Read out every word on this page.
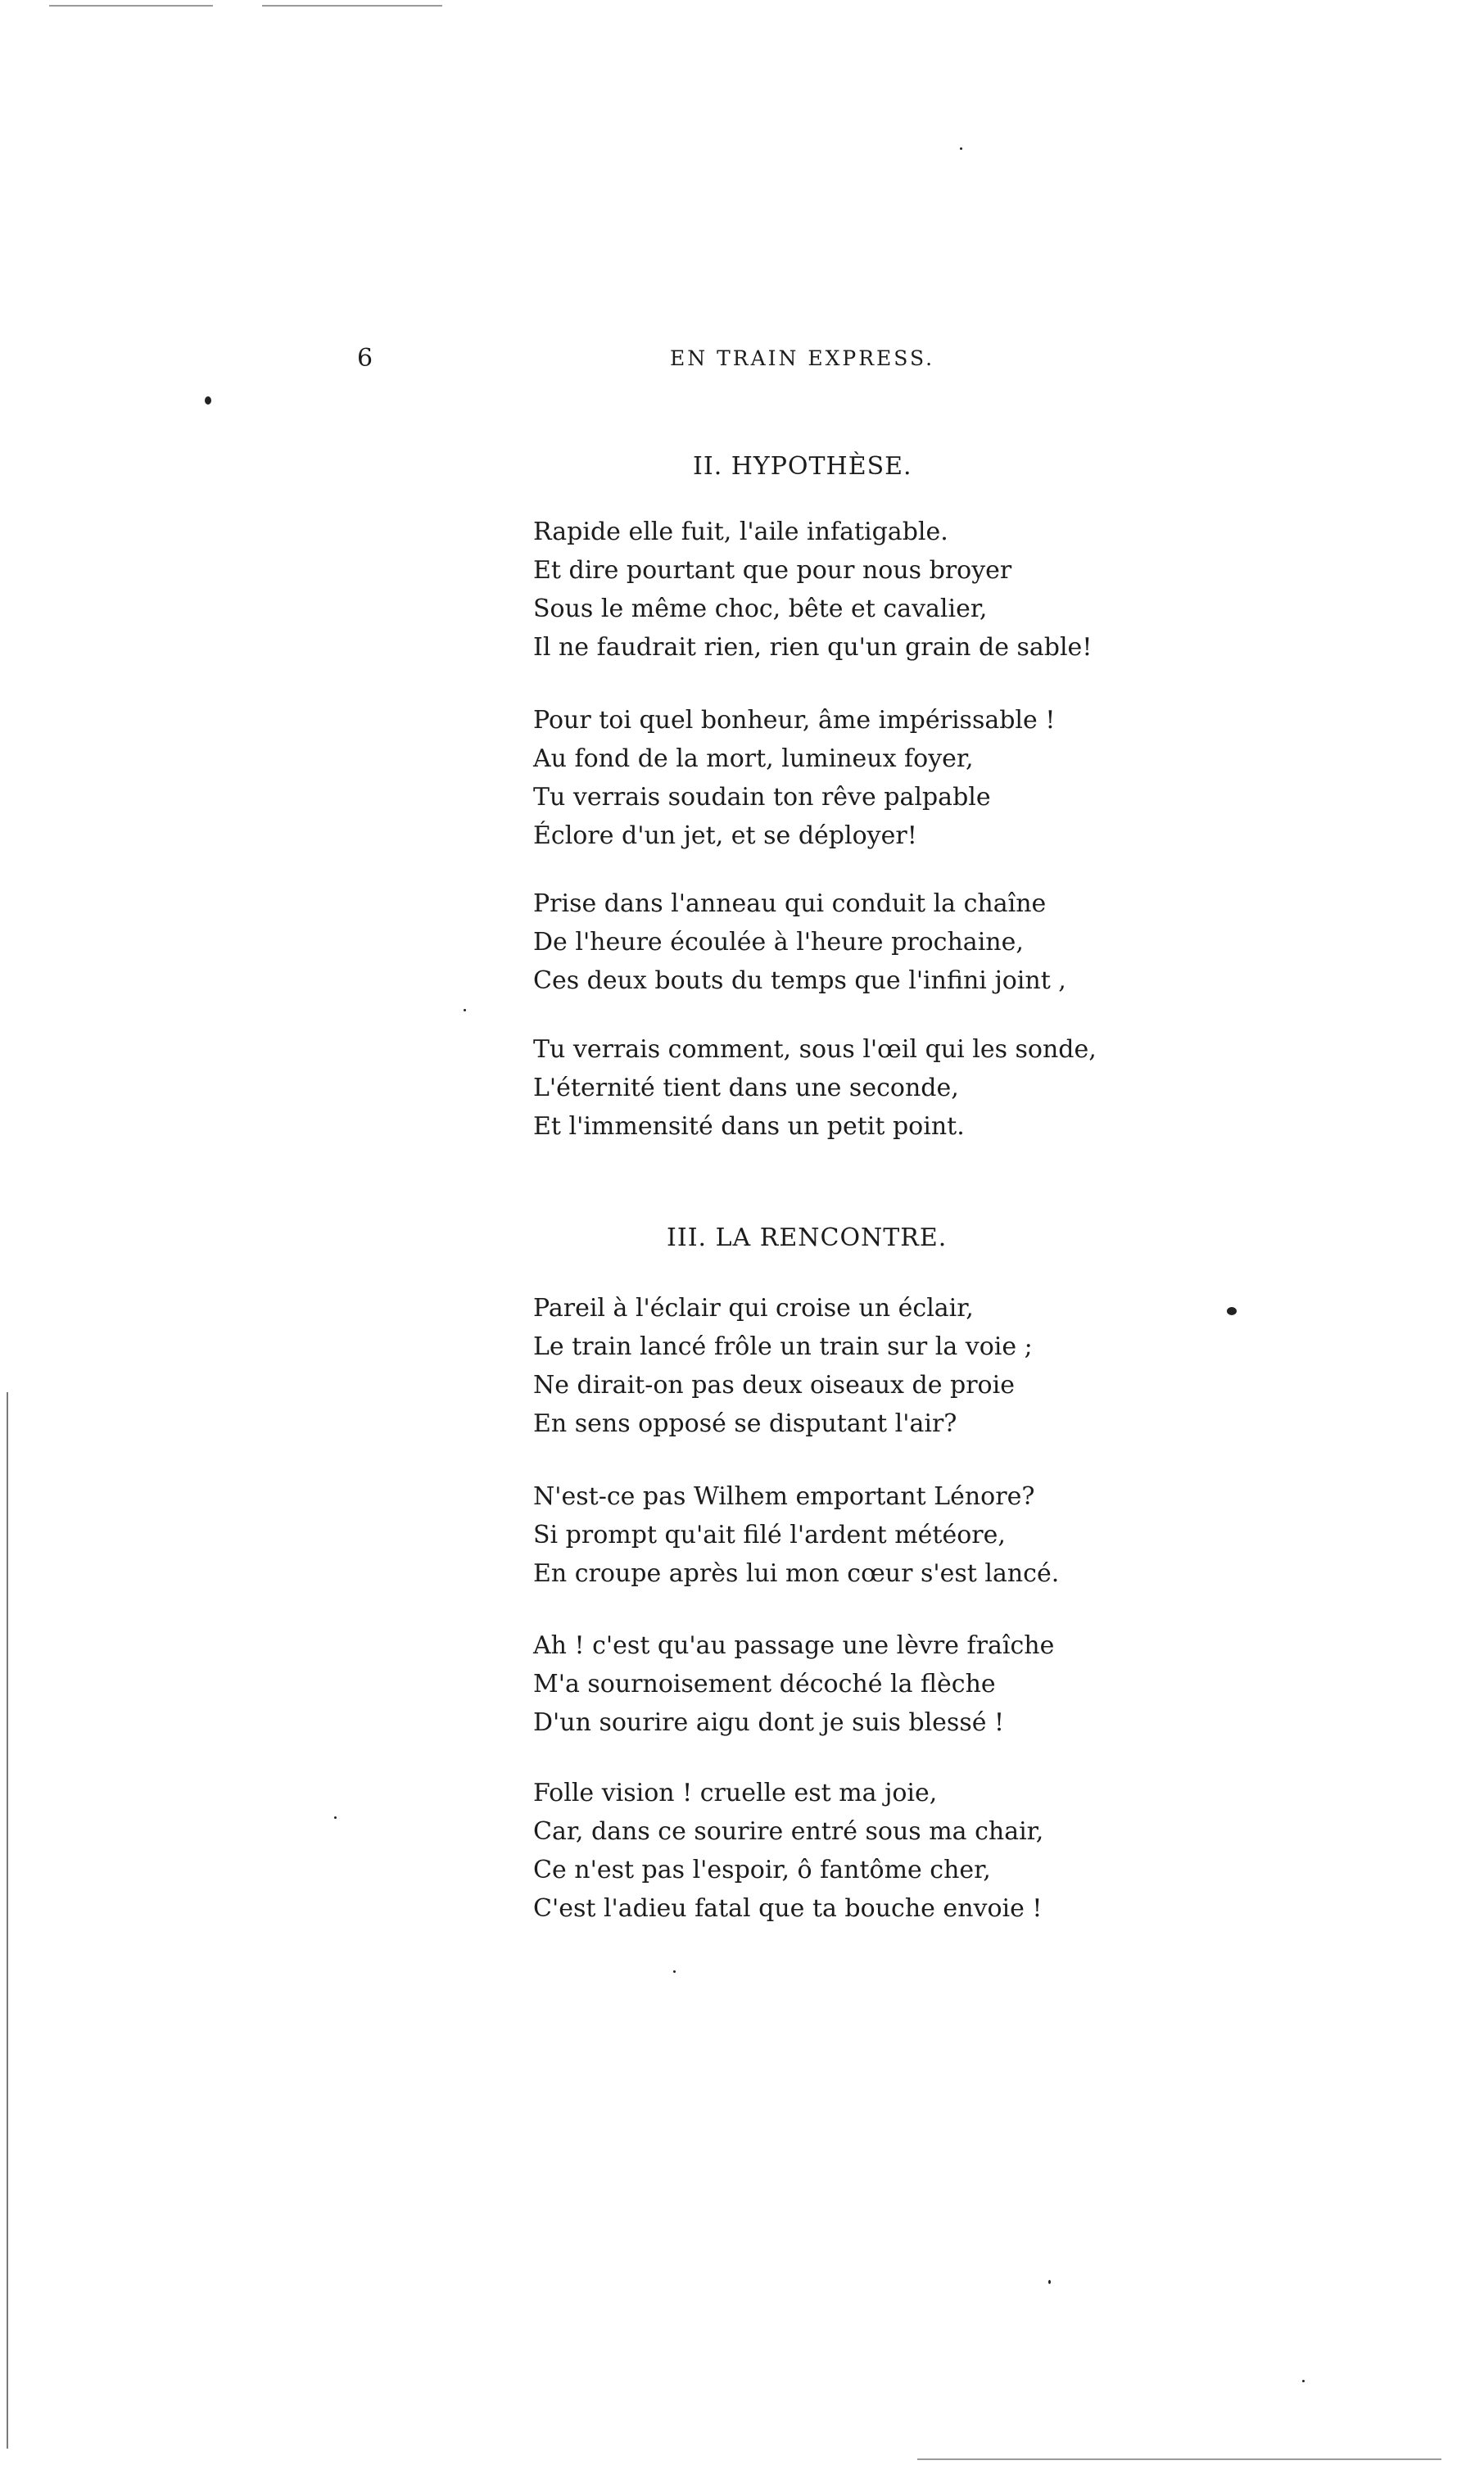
6	EN TRAIN EXPRESS.
II. HYPOTHÈSE.
Rapide elle fuit, l'aile infatigable.
Et dire pourtant que pour nous broyer
Sous le même choc, bête et cavalier,
Il ne faudrait rien, rien qu'un grain de sable!
Pour toi quel bonheur, âme impérissable !
Au fond de la mort, lumineux foyer,
Tu verrais soudain ton rêve palpable
Éclore d'un jet, et se déployer!
Prise dans l'anneau qui conduit la chaîne
De l'heure écoulée à l'heure prochaine,
Ces deux bouts du temps que l'infini joint ,
Tu verrais comment, sous l'œil qui les sonde,
L'éternité tient dans une seconde,
Et l'immensité dans un petit point.
III. LA RENCONTRE.
Pareil à l'éclair qui croise un éclair,
Le train lancé frôle un train sur la voie ;
Ne dirait-on pas deux oiseaux de proie
En sens opposé se disputant l'air?
N'est-ce pas Wilhem emportant Lénore?
Si prompt qu'ait filé l'ardent météore,
En croupe après lui mon cœur s'est lancé.
Ah ! c'est qu'au passage une lèvre fraîche
M'a sournoisement décoché la flèche
D'un sourire aigu dont je suis blessé !
Folle vision ! cruelle est ma joie,
Car, dans ce sourire entré sous ma chair,
Ce n'est pas l'espoir, ô fantôme cher,
C'est l'adieu fatal que ta bouche envoie !
